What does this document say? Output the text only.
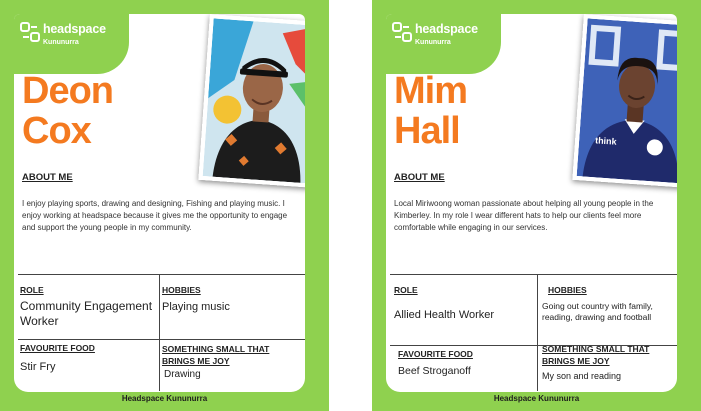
headspace
Kununurra
Deon
Cox
ABOUT ME
I enjoy playing sports, drawing and designing, Fishing and playing music. I enjoy working at headspace because it gives me the opportunity to engage and support the young people in my community.
ROLE
Community Engagement Worker
HOBBIES
Playing music
FAVOURITE FOOD
Stir Fry
SOMETHING SMALL THAT BRINGS ME JOY
Drawing
Headspace Kununurra
headspace
Kununurra
Mim
Hall	think
ABOUT ME
Local Miriwoong woman passionate about helping all young people in the Kimberley. In my role I wear different hats to help our clients feel more comfortable while engaging in our services.
ROLE
Allied Health Worker
HOBBIES
Going out country with family, reading, drawing and football
FAVOURITE FOOD
Beef Stroganoff
SOMETHING SMALL THAT BRINGS ME JOY
My son and reading
Headspace Kununurra
